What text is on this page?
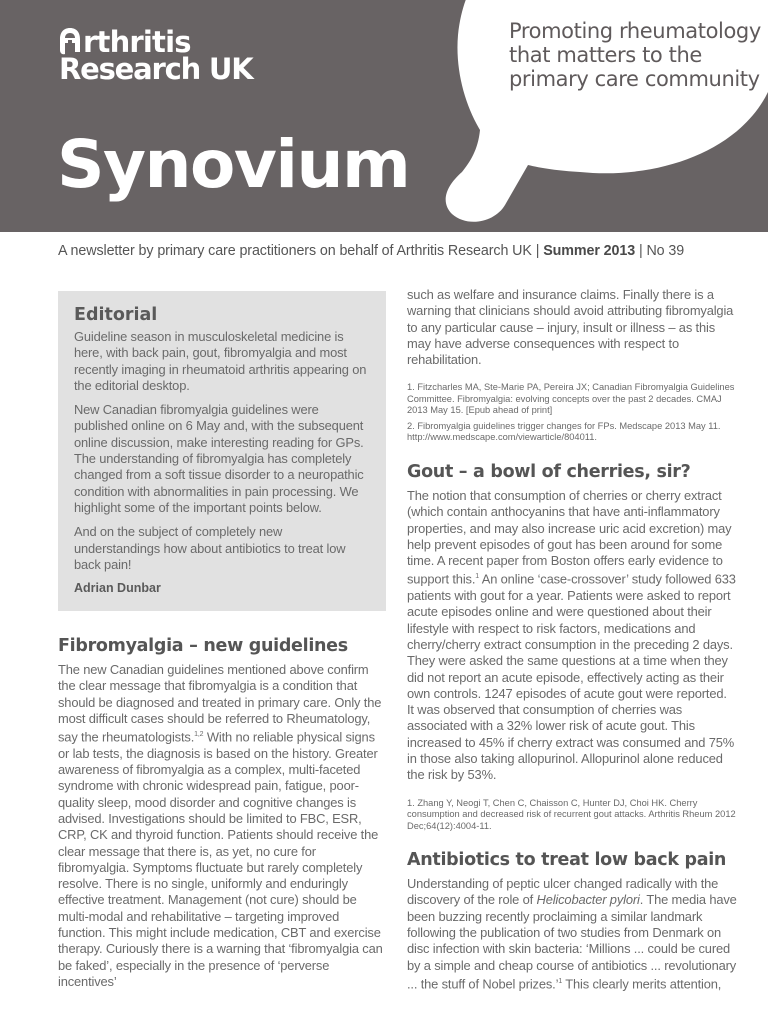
rthritis
Research UK
Synovium
Promoting rheumatology that matters to the primary care community
A newsletter by primary care practitioners on behalf of Arthritis Research UK | Summer 2013 | No 39
Editorial

Guideline season in musculoskeletal medicine is here, with back pain, gout, fibromyalgia and most recently imaging in rheumatoid arthritis appearing on the editorial desktop.

New Canadian fibromyalgia guidelines were published online on 6 May and, with the subsequent online discussion, make interesting reading for GPs. The understanding of fibromyalgia has completely changed from a soft tissue disorder to a neuropathic condition with abnormalities in pain processing. We highlight some of the important points below.

And on the subject of completely new understandings how about antibiotics to treat low back pain!

Adrian Dunbar
Fibromyalgia – new guidelines

The new Canadian guidelines mentioned above confirm the clear message that fibromyalgia is a condition that should be diagnosed and treated in primary care. Only the most difficult cases should be referred to Rheumatology, say the rheumatologists.$^{1,2}$ With no reliable physical signs or lab tests, the diagnosis is based on the history. Greater awareness of fibromyalgia as a complex, multi-faceted syndrome with chronic widespread pain, fatigue, poor-quality sleep, mood disorder and cognitive changes is advised. Investigations should be limited to FBC, ESR, CRP, CK and thyroid function. Patients should receive the clear message that there is, as yet, no cure for fibromyalgia. Symptoms fluctuate but rarely completely resolve. There is no single, uniformly and enduringly effective treatment. Management (not cure) should be multi-modal and rehabilitative – targeting improved function. This might include medication, CBT and exercise therapy. Curiously there is a warning that ‘fibromyalgia can be faked’, especially in the presence of ‘perverse incentives’

such as welfare and insurance claims. Finally there is a warning that clinicians should avoid attributing fibromyalgia to any particular cause – injury, insult or illness – as this may have adverse consequences with respect to rehabilitation.

1. Fitzcharles MA, Ste-Marie PA, Pereira JX; Canadian Fibromyalgia Guidelines Committee. Fibromyalgia: evolving concepts over the past 2 decades. CMAJ 2013 May 15. [Epub ahead of print]

2. Fibromyalgia guidelines trigger changes for FPs. Medscape 2013 May 11. http://www.medscape.com/viewarticle/804011.

Gout – a bowl of cherries, sir?

The notion that consumption of cherries or cherry extract (which contain anthocyanins that have anti-inflammatory properties, and may also increase uric acid excretion) may help prevent episodes of gout has been around for some time. A recent paper from Boston offers early evidence to support this.$^1$ An online ‘case-crossover’ study followed 633 patients with gout for a year. Patients were asked to report acute episodes online and were questioned about their lifestyle with respect to risk factors, medications and cherry/cherry extract consumption in the preceding 2 days. They were asked the same questions at a time when they did not report an acute episode, effectively acting as their own controls. 1247 episodes of acute gout were reported. It was observed that consumption of cherries was associated with a 32% lower risk of acute gout. This increased to 45% if cherry extract was consumed and 75% in those also taking allopurinol. Allopurinol alone reduced the risk by 53%.

1. Zhang Y, Neogi T, Chen C, Chaisson C, Hunter DJ, Choi HK. Cherry consumption and decreased risk of recurrent gout attacks. Arthritis Rheum 2012 Dec;64(12):4004-11.

Antibiotics to treat low back pain

Understanding of peptic ulcer changed radically with the discovery of the role of Helicobacter pylori. The media have been buzzing recently proclaiming a similar landmark following the publication of two studies from Denmark on disc infection with skin bacteria: ‘Millions ... could be cured by a simple and cheap course of antibiotics ... revolutionary ... the stuff of Nobel prizes.’$^1$ This clearly merits attention,
